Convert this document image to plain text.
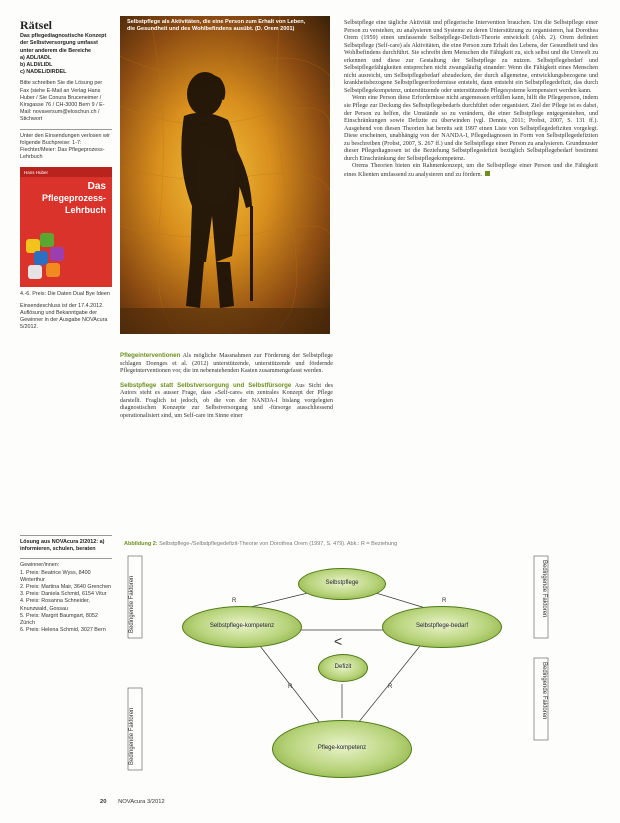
Rätsel
Das pflegediagnostische Konzept der Selbstversorgung umfasst unter anderem die Bereiche
a) ADL/IADL
b) ALDI/LIDL
c) NADEL/DIRDEL
Bitte schreiben Sie die Lösung per Fax (siehe E-Mail an Verlag Hans Huber / Sie Conura Bruceneimer / Kirsgasse 76 / CH-3000 Bern 9 / E-Mail: novaversum@eloschun.ch / Stichwort
Unter den Einsendungen verlosen wir folgende Buchpreise: 1-7: Fiechter/Meier: Das Pflegeprozess-Lehrbuch
Hans Huber
Das
Pflegeprozess-
Lehrbuch
4.-6. Preis: Die Daten Dual Bye Ideen
Einsendeschluss ist der 17.4.2012. Auflösung und Bekanntgabe der Gewinner in der Ausgabe NOVAcura 5/2012.
Lösung aus NOVAcura 2/2012: a) informieren, schulen, beraten
Gewinner/innen:
1. Preis: Beatrice Wyss, 8400 Winterthur
2. Preis: Martina Mair, 3640 Grenchen
3. Preis: Daniela Schmid, 6154 Vitur
4. Preis: Rosanna Schneider, Knunzwald, Gossau
5. Preis: Margrit Baumgart, 8052 Zürich
6. Preis: Helena Schmid, 3027 Bern
Selbstpflege als Aktivitäten, die eine Person zum Erhalt von Leben, die Gesundheit und des Wohlbefindens ausübt. (D. Orem 2001)

Selbstpflege eine tägliche Aktivität und pflegerische Intervention brauchen. Um die Selbstpflege einer Person zu verstehen, zu analysieren und Systeme zu deren Unterstützung zu organisieren, hat Dorothea Orem (1959) einen umfassende Selbstpflege-Defizit-Theorie entwickelt (Abb. 2). Orem definiert Selbstpflege (Self-care) als Aktivitäten, die eine Person zum Erhalt des Lebens, der Gesundheit und des Wohlbefindens durchführt. Sie schreibt dem Menschen die Fähigkeit zu, sich selbst und die Umwelt zu erkennen und diese zur Gestaltung der Selbstpflege zu nutzen. Selbstpflegebedarf und Selbstpflegefähigkeiten entsprechen nicht zwangsläufig einander: Wenn die Fähigkeit eines Menschen nicht ausreicht, um Selbstpflegebedarf abzudecken, der durch allgemeine, entwicklungsbezogene und krankheitsbezogene Selbstpflegeerfordernisse entsteht, dann entsteht ein Selbstpflegedefizit, das durch Selbstpflegekompetenz, unterstützende oder unterstützende Pflegesysteme kompensiert werden kann.

Wenn eine Person diese Erfordernisse nicht angemessen erfüllen kann, hilft die Pflegeperson, indem sie Pflege zur Deckung des Selbstpflegebedarfs durchführt oder organisiert. Ziel der Pflege ist es dabei, der Person zu helfen, die Umstände so zu verändern, die einer Selbstpflege entgegenstehen, und Einschränkungen sowie Defizite zu überwinden (vgl. Dennis, 2011; Probst, 2007, S. 131 ff.). Ausgehend von diesen Theorien hat bereits seit 1997 einen Liste von Selbstpflegedefiziten vorgelegt. Diese erscheinen, unabhängig von der NANDA-I, Pflegediagnosen in Form von Selbstpflegedefiziten zu beschreiben (Probst, 2007, S. 267 ff.) und die Selbstpflege einer Person zu analysieren. Grundmuster dieser Pflegediagnosen ist die Beziehung Selbstpflegedefizit bezüglich Selbstpflegebedarf bestimmt durch Einschränkung der Selbstpflegekompetenz.

Orems Theorien bieten ein Rahmenkonzept, um die Selbstpflege einer Person und die Fähigkeit eines Klienten umfassend zu analysieren und zu fördern.

Pflegeinterventionen Als mögliche Massnahmen zur Förderung der Selbstpflege schlagen Doenges et al. (2012) unterstützende, unterstützende und fördernde Pflegeinterventionen vor, die im nebenstehenden Kasten zusammengefasst werden.

Selbstpflege statt Selbstversorgung und Selbstfürsorge Aus Sicht des Autors steht es ausser Frage, dass «Self-care» ein zentrales Konzept der Pflege darstellt. Fraglich ist jedoch, ob die von der NANDA-I bislang vorgelegten diagnostischen Konzepte zur Selbstversorgung und -fürsorge ausschliessend operationalisiert sind, um Self-care im Sinne einer

Abbildung 2: Selbstpflege-/Selbstpflegedefizit-Theorie von Dorothea Orem (1997, S. 479). Abk.: R = Beziehung
R	R
R	R
<
Selbstpflege
Selbstpflege-kompetenz	Selbstpflege-bedarf
Defizit
Pflege-kompetenz
Bedingende Faktoren
Bedingende Faktoren
Bedingende Faktoren
Bedingende Faktoren
20 NOVAcura 3/2012
